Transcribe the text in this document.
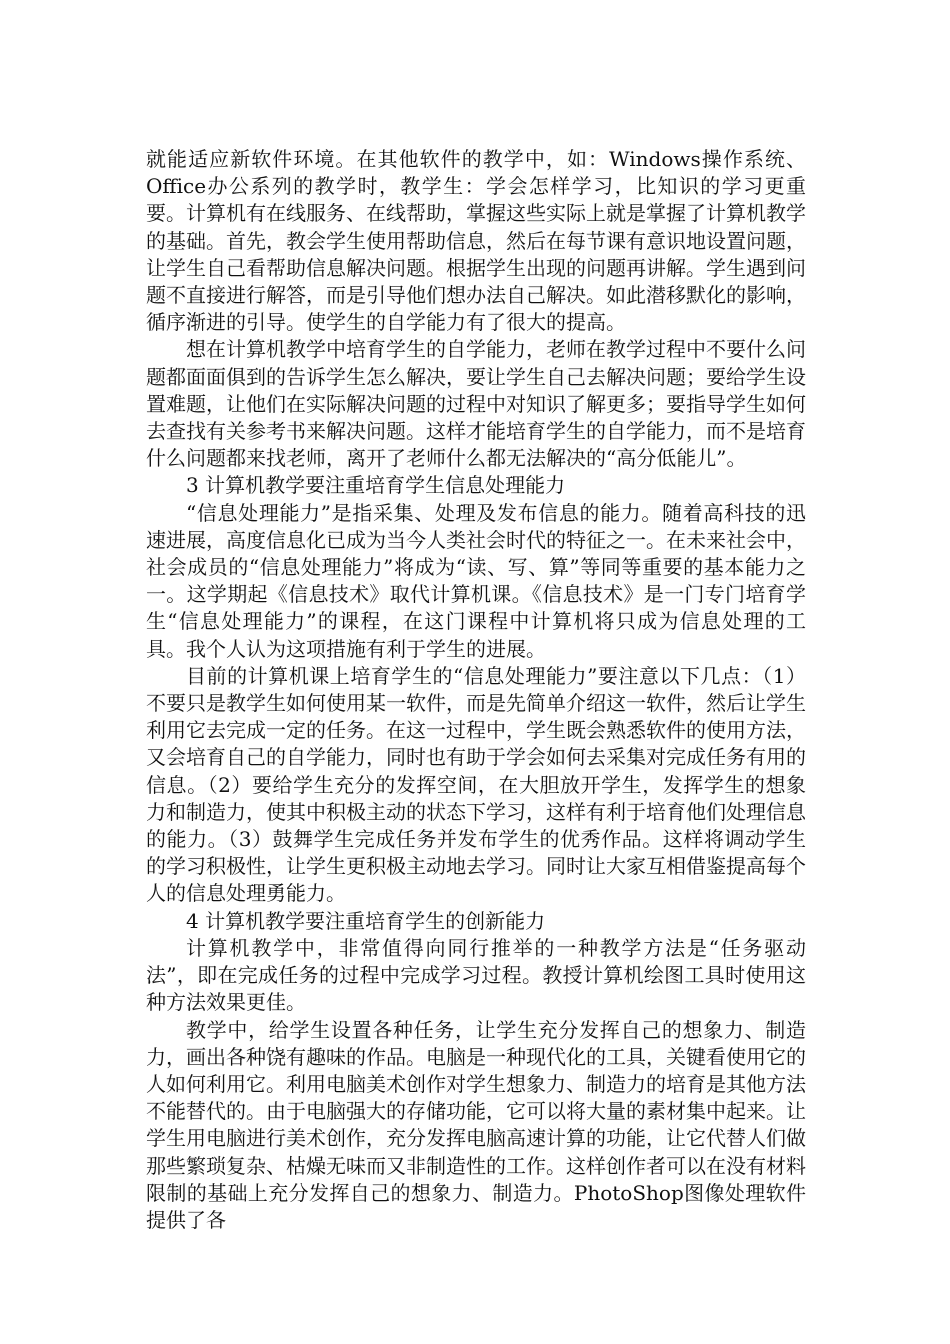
就能适应新软件环境。在其他软件的教学中，如：Windows操作系统、Office办公系列的教学时，教学生：学会怎样学习，比知识的学习更重要。计算机有在线服务、在线帮助，掌握这些实际上就是掌握了计算机教学的基础。首先，教会学生使用帮助信息，然后在每节课有意识地设置问题，让学生自己看帮助信息解决问题。根据学生出现的问题再讲解。学生遇到问题不直接进行解答，而是引导他们想办法自己解决。如此潜移默化的影响，循序渐进的引导。使学生的自学能力有了很大的提高。

想在计算机教学中培育学生的自学能力，老师在教学过程中不要什么问题都面面俱到的告诉学生怎么解决，要让学生自己去解决问题；要给学生设置难题，让他们在实际解决问题的过程中对知识了解更多；要指导学生如何去查找有关参考书来解决问题。这样才能培育学生的自学能力，而不是培育什么问题都来找老师，离开了老师什么都无法解决的“高分低能儿”。

3 计算机教学要注重培育学生信息处理能力

“信息处理能力”是指采集、处理及发布信息的能力。随着高科技的迅速进展，高度信息化已成为当今人类社会时代的特征之一。在未来社会中，社会成员的“信息处理能力”将成为“读、写、算”等同等重要的基本能力之一。这学期起《信息技术》取代计算机课。《信息技术》是一门专门培育学生“信息处理能力”的课程，在这门课程中计算机将只成为信息处理的工具。我个人认为这项措施有利于学生的进展。

目前的计算机课上培育学生的“信息处理能力”要注意以下几点：（1）不要只是教学生如何使用某一软件，而是先简单介绍这一软件，然后让学生利用它去完成一定的任务。在这一过程中，学生既会熟悉软件的使用方法，又会培育自己的自学能力，同时也有助于学会如何去采集对完成任务有用的信息。（2）要给学生充分的发挥空间，在大胆放开学生，发挥学生的想象力和制造力，使其中积极主动的状态下学习，这样有利于培育他们处理信息的能力。（3）鼓舞学生完成任务并发布学生的优秀作品。这样将调动学生的学习积极性，让学生更积极主动地去学习。同时让大家互相借鉴提高每个人的信息处理勇能力。

4 计算机教学要注重培育学生的创新能力

计算机教学中，非常值得向同行推举的一种教学方法是“任务驱动法”，即在完成任务的过程中完成学习过程。教授计算机绘图工具时使用这种方法效果更佳。

教学中，给学生设置各种任务，让学生充分发挥自己的想象力、制造力，画出各种饶有趣味的作品。电脑是一种现代化的工具，关键看使用它的人如何利用它。利用电脑美术创作对学生想象力、制造力的培育是其他方法不能替代的。由于电脑强大的存储功能，它可以将大量的素材集中起来。让学生用电脑进行美术创作，充分发挥电脑高速计算的功能，让它代替人们做那些繁琐复杂、枯燥无味而又非制造性的工作。这样创作者可以在没有材料限制的基础上充分发挥自己的想象力、制造力。PhotoShop图像处理软件提供了各
